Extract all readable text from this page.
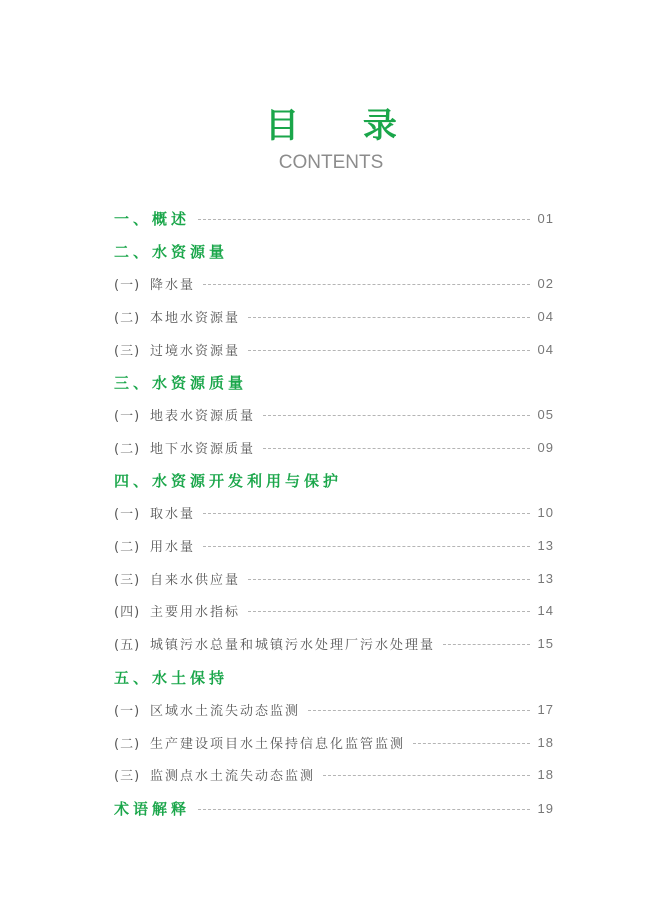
目 录
CONTENTS
一、概述	01
二、水资源量
(一) 降水量	02
(二) 本地水资源量	04
(三) 过境水资源量	04
三、水资源质量
(一) 地表水资源质量	05
(二) 地下水资源质量	09
四、水资源开发利用与保护
(一) 取水量	10
(二) 用水量	13
(三) 自来水供应量	13
(四) 主要用水指标	14
(五) 城镇污水总量和城镇污水处理厂污水处理量	15
五、水土保持
(一) 区域水土流失动态监测	17
(二) 生产建设项目水土保持信息化监管监测	18
(三) 监测点水土流失动态监测	18
术语解释	19
